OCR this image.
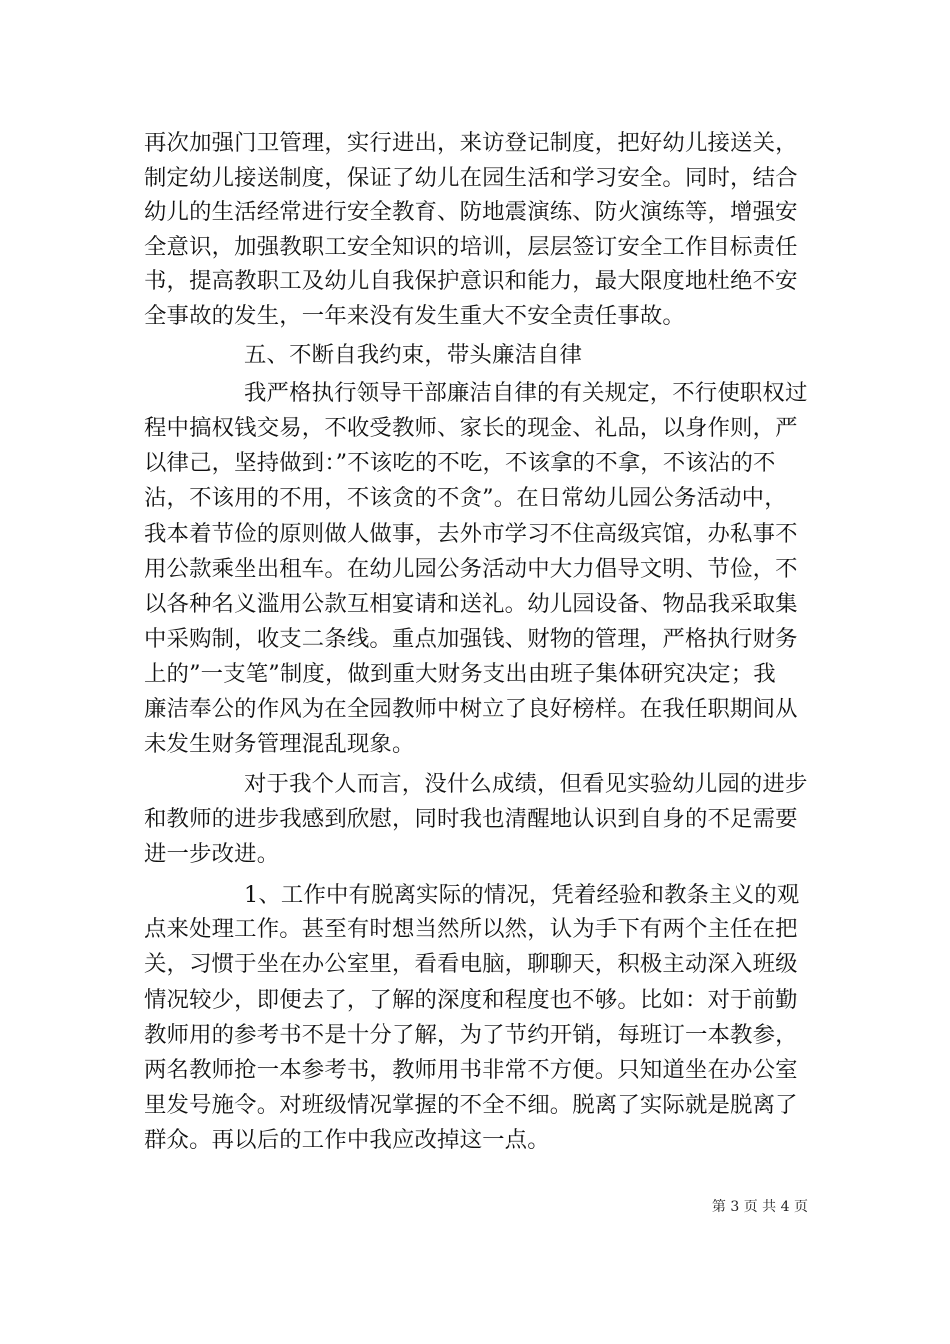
再次加强门卫管理，实行进出，来访登记制度，把好幼儿接送关，
制定幼儿接送制度，保证了幼儿在园生活和学习安全。同时，结合
幼儿的生活经常进行安全教育、防地震演练、防火演练等，增强安
全意识，加强教职工安全知识的培训，层层签订安全工作目标责任
书，提高教职工及幼儿自我保护意识和能力，最大限度地杜绝不安
全事故的发生，一年来没有发生重大不安全责任事故。
五、不断自我约束，带头廉洁自律
我严格执行领导干部廉洁自律的有关规定，不行使职权过
程中搞权钱交易，不收受教师、家长的现金、礼品，以身作则，严
以律己，坚持做到：”不该吃的不吃，不该拿的不拿，不该沾的不
沾，不该用的不用，不该贪的不贪”。在日常幼儿园公务活动中，
我本着节俭的原则做人做事，去外市学习不住高级宾馆，办私事不
用公款乘坐出租车。在幼儿园公务活动中大力倡导文明、节俭，不
以各种名义滥用公款互相宴请和送礼。幼儿园设备、物品我采取集
中采购制，收支二条线。重点加强钱、财物的管理，严格执行财务
上的”一支笔”制度，做到重大财务支出由班子集体研究决定；我
廉洁奉公的作风为在全园教师中树立了良好榜样。在我任职期间从
未发生财务管理混乱现象。
对于我个人而言，没什么成绩，但看见实验幼儿园的进步
和教师的进步我感到欣慰，同时我也清醒地认识到自身的不足需要
进一步改进。
1、工作中有脱离实际的情况，凭着经验和教条主义的观
点来处理工作。甚至有时想当然所以然，认为手下有两个主任在把
关，习惯于坐在办公室里，看看电脑，聊聊天，积极主动深入班级
情况较少，即便去了，了解的深度和程度也不够。比如：对于前勤
教师用的参考书不是十分了解，为了节约开销，每班订一本教参，
两名教师抢一本参考书，教师用书非常不方便。只知道坐在办公室
里发号施令。对班级情况掌握的不全不细。脱离了实际就是脱离了
群众。再以后的工作中我应改掉这一点。
第 3 页 共 4 页
